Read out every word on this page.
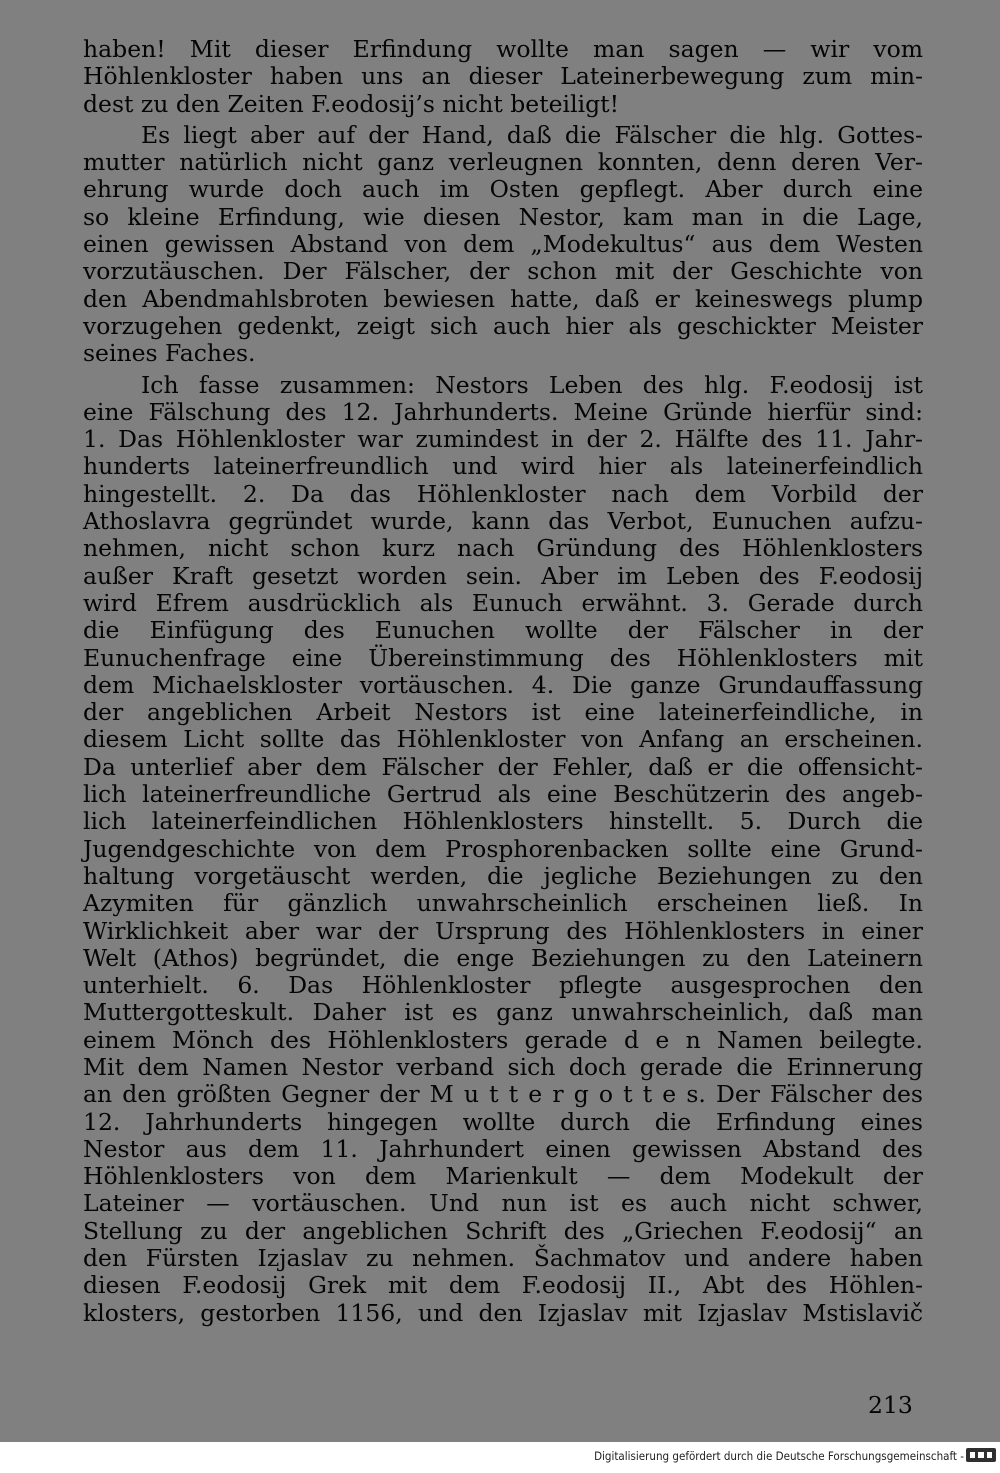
haben! Mit dieser Erfindung wollte man sagen — wir vom
Höhlenkloster haben uns an dieser Lateinerbewegung zum min-
dest zu den Zeiten F.eodosij’s nicht beteiligt!
Es liegt aber auf der Hand, daß die Fälscher die hlg. Gottes-
mutter natürlich nicht ganz verleugnen konnten, denn deren Ver-
ehrung wurde doch auch im Osten gepflegt. Aber durch eine
so kleine Erfindung, wie diesen Nestor, kam man in die Lage,
einen gewissen Abstand von dem „Modekultus“ aus dem Westen
vorzutäuschen. Der Fälscher, der schon mit der Geschichte von
den Abendmahlsbroten bewiesen hatte, daß er keineswegs plump
vorzugehen gedenkt, zeigt sich auch hier als geschickter Meister
seines Faches.
Ich fasse zusammen: Nestors Leben des hlg. F.eodosij ist
eine Fälschung des 12. Jahrhunderts. Meine Gründe hierfür sind:
1. Das Höhlenkloster war zumindest in der 2. Hälfte des 11. Jahr-
hunderts lateinerfreundlich und wird hier als lateinerfeindlich
hingestellt. 2. Da das Höhlenkloster nach dem Vorbild der
Athoslavra gegründet wurde, kann das Verbot, Eunuchen aufzu-
nehmen, nicht schon kurz nach Gründung des Höhlenklosters
außer Kraft gesetzt worden sein. Aber im Leben des F.eodosij
wird Efrem ausdrücklich als Eunuch erwähnt. 3. Gerade durch
die Einfügung des Eunuchen wollte der Fälscher in der
Eunuchenfrage eine Übereinstimmung des Höhlenklosters mit
dem Michaelskloster vortäuschen. 4. Die ganze Grundauffassung
der angeblichen Arbeit Nestors ist eine lateinerfeindliche, in
diesem Licht sollte das Höhlenkloster von Anfang an erscheinen.
Da unterlief aber dem Fälscher der Fehler, daß er die offensicht-
lich lateinerfreundliche Gertrud als eine Beschützerin des angeb-
lich lateinerfeindlichen Höhlenklosters hinstellt. 5. Durch die
Jugendgeschichte von dem Prosphorenbacken sollte eine Grund-
haltung vorgetäuscht werden, die jegliche Beziehungen zu den
Azymiten für gänzlich unwahrscheinlich erscheinen ließ. In
Wirklichkeit aber war der Ursprung des Höhlenklosters in einer
Welt (Athos) begründet, die enge Beziehungen zu den Lateinern
unterhielt. 6. Das Höhlenkloster pflegte ausgesprochen den
Muttergotteskult. Daher ist es ganz unwahrscheinlich, daß man
einem Mönch des Höhlenklosters gerade d e n Namen beilegte.
Mit dem Namen Nestor verband sich doch gerade die Erinnerung
an den größten Gegner der M u t t e r g o t t e s. Der Fälscher des
12. Jahrhunderts hingegen wollte durch die Erfindung eines
Nestor aus dem 11. Jahrhundert einen gewissen Abstand des
Höhlenklosters von dem Marienkult — dem Modekult der
Lateiner — vortäuschen. Und nun ist es auch nicht schwer,
Stellung zu der angeblichen Schrift des „Griechen F.eodosij“ an
den Fürsten Izjaslav zu nehmen. Šachmatov und andere haben
diesen F.eodosij Grek mit dem F.eodosij II., Abt des Höhlen-
klosters, gestorben 1156, und den Izjaslav mit Izjaslav Mstislavič
213
Digitalisierung gefördert durch die Deutsche Forschungsgemeinschaft -
